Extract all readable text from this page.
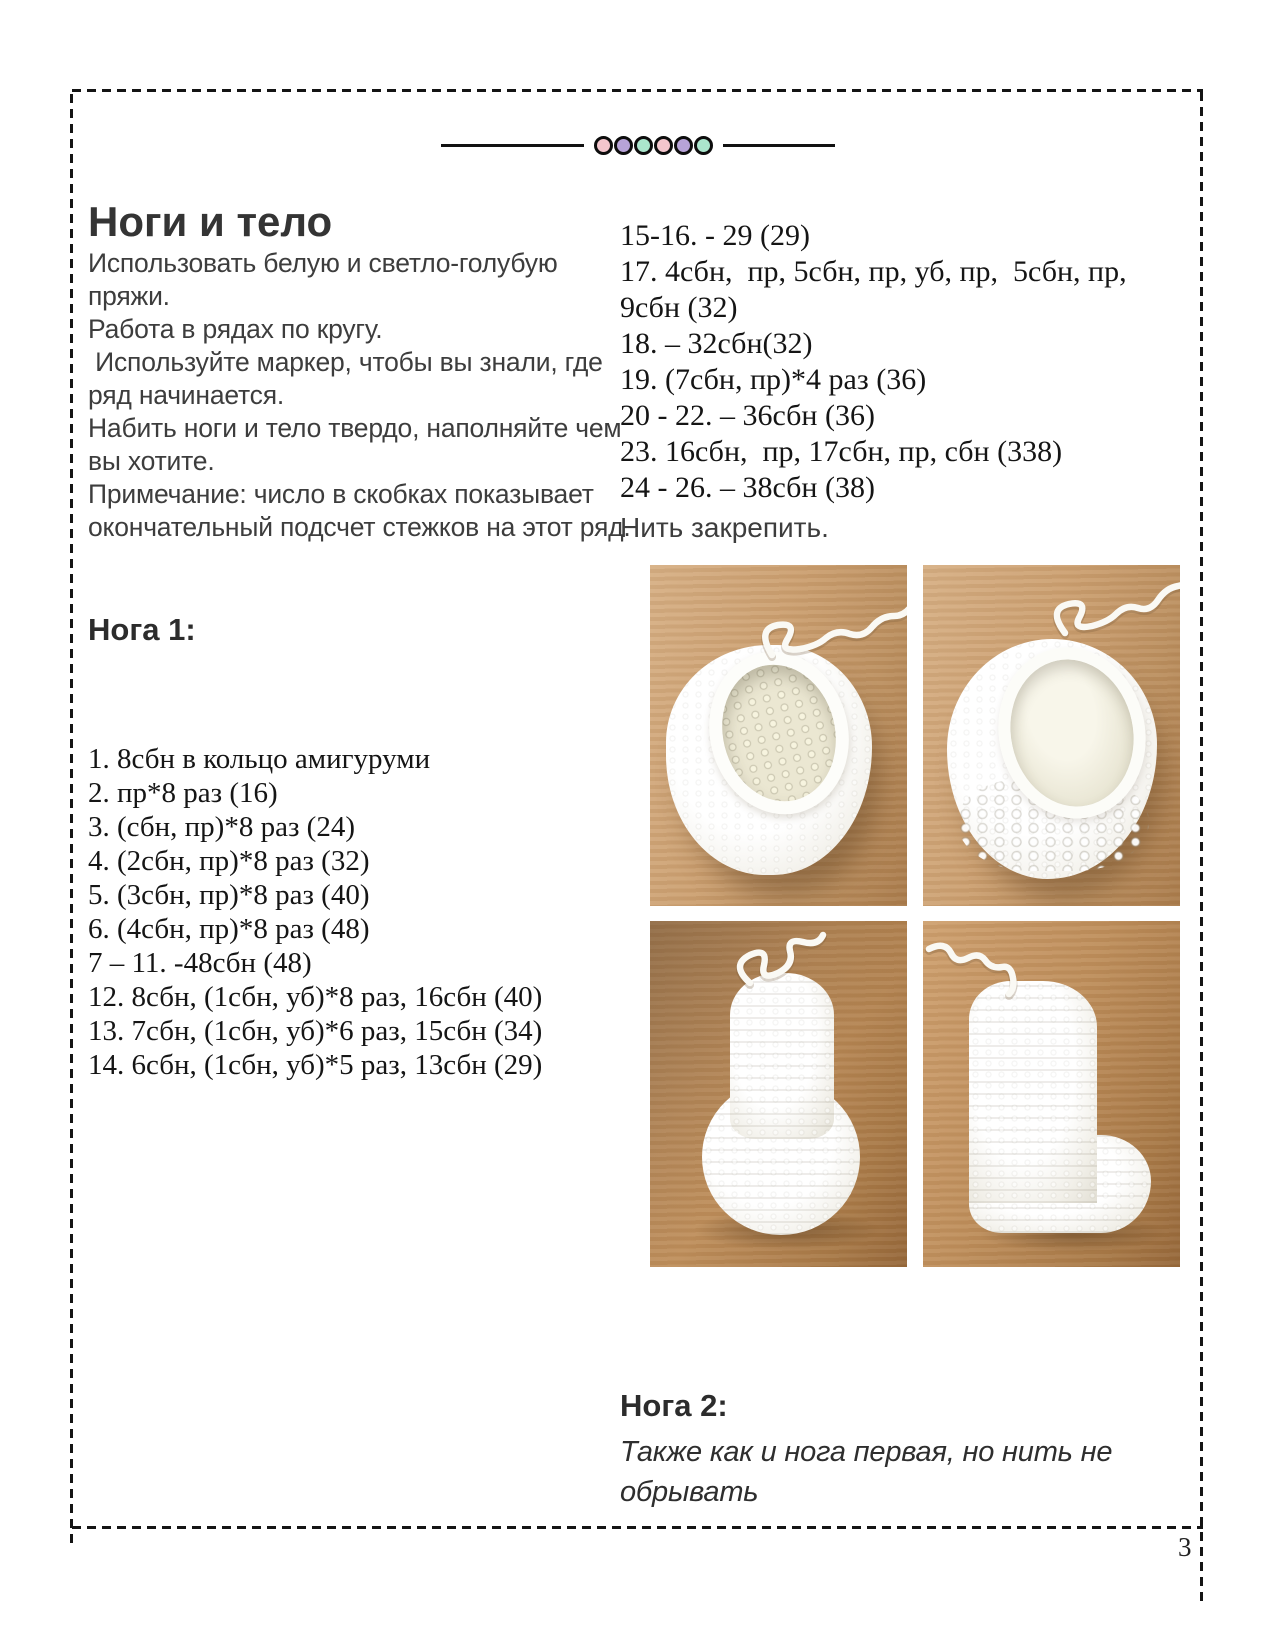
Ноги и тело
Использовать белую и светло-голубую
пряжи.
Работа в рядах по кругу.
Используйте маркер, чтобы вы знали, где
ряд начинается.
Набить ноги и тело твердо, наполняйте чем
вы хотите.
Примечание: число в скобках показывает
окончательный подсчет стежков на этот ряд.
Нога 1:
1. 8сбн в кольцо амигуруми
2. пр*8 раз (16)
3. (сбн, пр)*8 раз (24)
4. (2сбн, пр)*8 раз (32)
5. (3сбн, пр)*8 раз (40)
6. (4сбн, пр)*8 раз (48)
7 – 11. -48сбн (48)
12. 8сбн, (1сбн, уб)*8 раз, 16сбн (40)
13. 7сбн, (1сбн, уб)*6 раз, 15сбн (34)
14. 6сбн, (1сбн, уб)*5 раз, 13сбн (29)
15-16. - 29 (29)
17. 4сбн,  пр, 5сбн, пр, уб, пр,  5сбн, пр,
9сбн (32)
18. – 32сбн(32)
19. (7сбн, пр)*4 раз (36)
20 - 22. – 36сбн (36)
23. 16сбн,  пр, 17сбн, пр, сбн (338)
24 - 26. – 38сбн (38)
Нить закрепить.
Нога 2:
Также как и нога первая, но нить не
обрывать
3
